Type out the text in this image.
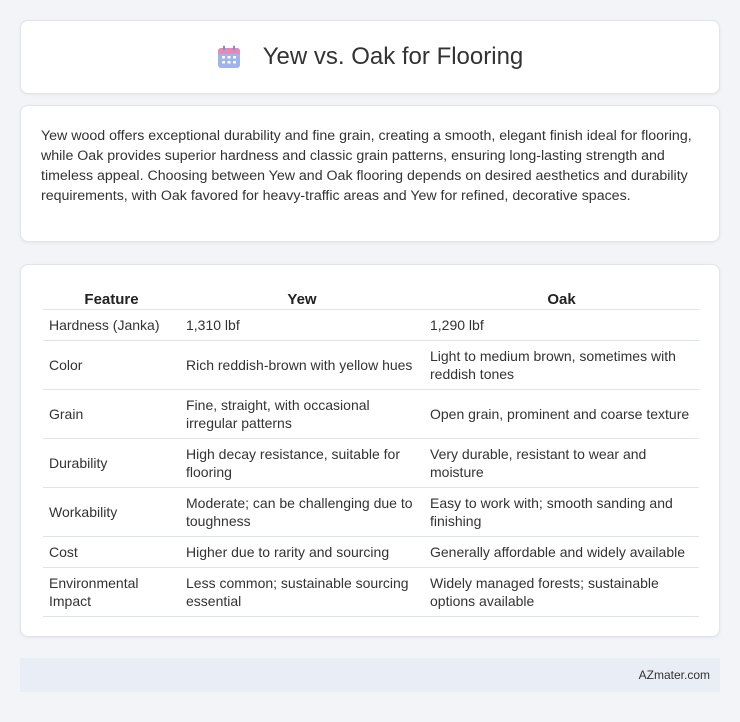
Yew vs. Oak for Flooring

Yew wood offers exceptional durability and fine grain, creating a smooth, elegant finish ideal for flooring, while Oak provides superior hardness and classic grain patterns, ensuring long-lasting strength and timeless appeal. Choosing between Yew and Oak flooring depends on desired aesthetics and durability requirements, with Oak favored for heavy-traffic areas and Yew for refined, decorative spaces.

Feature	Yew	Oak
Hardness (Janka)	1,310 lbf	1,290 lbf
Color	Rich reddish-brown with yellow hues	Light to medium brown, sometimes with reddish tones
Grain	Fine, straight, with occasional irregular patterns	Open grain, prominent and coarse texture
Durability	High decay resistance, suitable for flooring	Very durable, resistant to wear and moisture
Workability	Moderate; can be challenging due to toughness	Easy to work with; smooth sanding and finishing
Cost	Higher due to rarity and sourcing	Generally affordable and widely available
Environmental Impact	Less common; sustainable sourcing essential	Widely managed forests; sustainable options available
AZmater.com
